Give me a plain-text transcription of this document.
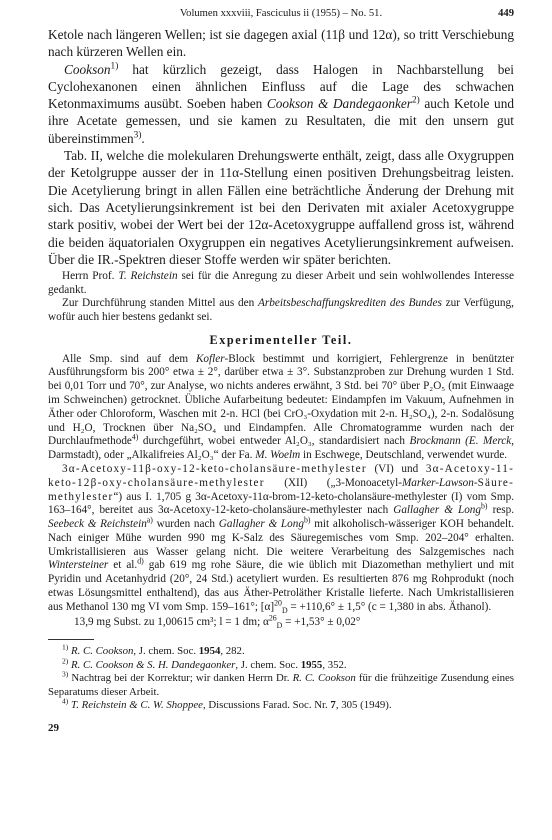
Volumen xxxviii, Fasciculus ii (1955) – No. 51.	449

Ketole nach längeren Wellen; ist sie dagegen axial (11β und 12α), so tritt Verschiebung nach kürzeren Wellen ein.

Cookson$^{1)}$ hat kürzlich gezeigt, dass Halogen in Nachbarstellung bei Cyclohexanonen einen ähnlichen Einfluss auf die Lage des schwachen Ketonmaximums ausübt. Soeben haben Cookson & Dandegaonker$^{2)}$ auch Ketole und ihre Acetate gemessen, und sie kamen zu Resultaten, die mit den unsern gut übereinstimmen$^{3)}$.

Tab. II, welche die molekularen Drehungswerte enthält, zeigt, dass alle Oxygruppen der Ketolgruppe ausser der in 11α-Stellung einen positiven Drehungsbeitrag leisten. Die Acetylierung bringt in allen Fällen eine beträchtliche Änderung der Drehung mit sich. Das Acetylierungsinkrement ist bei den Derivaten mit axialer Acetoxygruppe stark positiv, wobei der Wert bei der 12α-Acetoxygruppe auffallend gross ist, während die beiden äquatorialen Oxygruppen ein negatives Acetylierungsinkrement aufweisen. Über die IR.-Spektren dieser Stoffe werden wir später berichten.

Herrn Prof. T. Reichstein sei für die Anregung zu dieser Arbeit und sein wohlwollendes Interesse gedankt.

Zur Durchführung standen Mittel aus den Arbeitsbeschaffungskrediten des Bundes zur Verfügung, wofür auch hier bestens gedankt sei.

Experimenteller Teil.

Alle Smp. sind auf dem Kofler-Block bestimmt und korrigiert, Fehlergrenze in benützter Ausführungsform bis 200° etwa ± 2°, darüber etwa ± 3°. Substanzproben zur Drehung wurden 1 Std. bei 0,01 Torr und 70°, zur Analyse, wo nichts anderes erwähnt, 3 Std. bei 70° über P₂O₅ (mit Einwaage im Schweinchen) getrocknet. Übliche Aufarbeitung bedeutet: Eindampfen im Vakuum, Aufnehmen in Äther oder Chloroform, Waschen mit 2-n. HCl (bei CrO₃-Oxydation mit 2-n. H₂SO₄), 2-n. Sodalösung und H₂O, Trocknen über Na₂SO₄ und Eindampfen. Alle Chromatogramme wurden nach der Durchlaufmethode$^{4)}$ durchgeführt, wobei entweder Al₂O₃, standardisiert nach Brockmann (E. Merck, Darmstadt), oder „Alkalifreies Al₂O₃“ der Fa. M. Woelm in Eschwege, Deutschland, verwendet wurde.

3α-Acetoxy-11β-oxy-12-keto-cholansäure-methylester (VI) und 3α-Acetoxy-11-keto-12β-oxy-cholansäure-methylester (XII) („3-Monoacetyl-Marker-Lawson-Säure-methylester“) aus I. 1,705 g 3α-Acetoxy-11α-brom-12-keto-cholansäure-methylester (I) vom Smp. 163–164°, bereitet aus 3α-Acetoxy-12-keto-cholansäure-methylester nach Gallagher & Long$^{b)}$ resp. Seebeck & Reichstein$^{a)}$ wurden nach Gallagher & Long$^{b)}$ mit alkoholisch-wässeriger KOH behandelt. Nach einiger Mühe wurden 990 mg K-Salz des Säuregemisches vom Smp. 202–204° erhalten. Umkristallisieren aus Wasser gelang nicht. Die weitere Verarbeitung des Salzgemisches nach Wintersteiner et al.$^{d)}$ gab 619 mg rohe Säure, die wie üblich mit Diazomethan methyliert und mit Pyridin und Acetanhydrid (20°, 24 Std.) acetyliert wurden. Es resultierten 876 mg Rohprodukt (noch etwas Lösungsmittel enthaltend), das aus Äther-Petroläther Kristalle lieferte. Nach Umkristallisieren aus Methanol 130 mg VI vom Smp. 159–161°; $[\alpha]^{20}_D = +110,6^\circ \pm 1,5^\circ$ (c = 1,380 in abs. Äthanol).

13,9 mg Subst. zu 1,00615 cm³; l = 1 dm; $\alpha^{26}_D = +1,53^\circ \pm 0,02^\circ$

$^{1)}$ R. C. Cookson, J. chem. Soc. 1954, 282.

$^{2)}$ R. C. Cookson & S. H. Dandegaonker, J. chem. Soc. 1955, 352.

$^{3)}$ Nachtrag bei der Korrektur; wir danken Herrn Dr. R. C. Cookson für die frühzeitige Zusendung eines Separatums dieser Arbeit.

$^{4)}$ T. Reichstein & C. W. Shoppee, Discussions Farad. Soc. Nr. 7, 305 (1949).

29
